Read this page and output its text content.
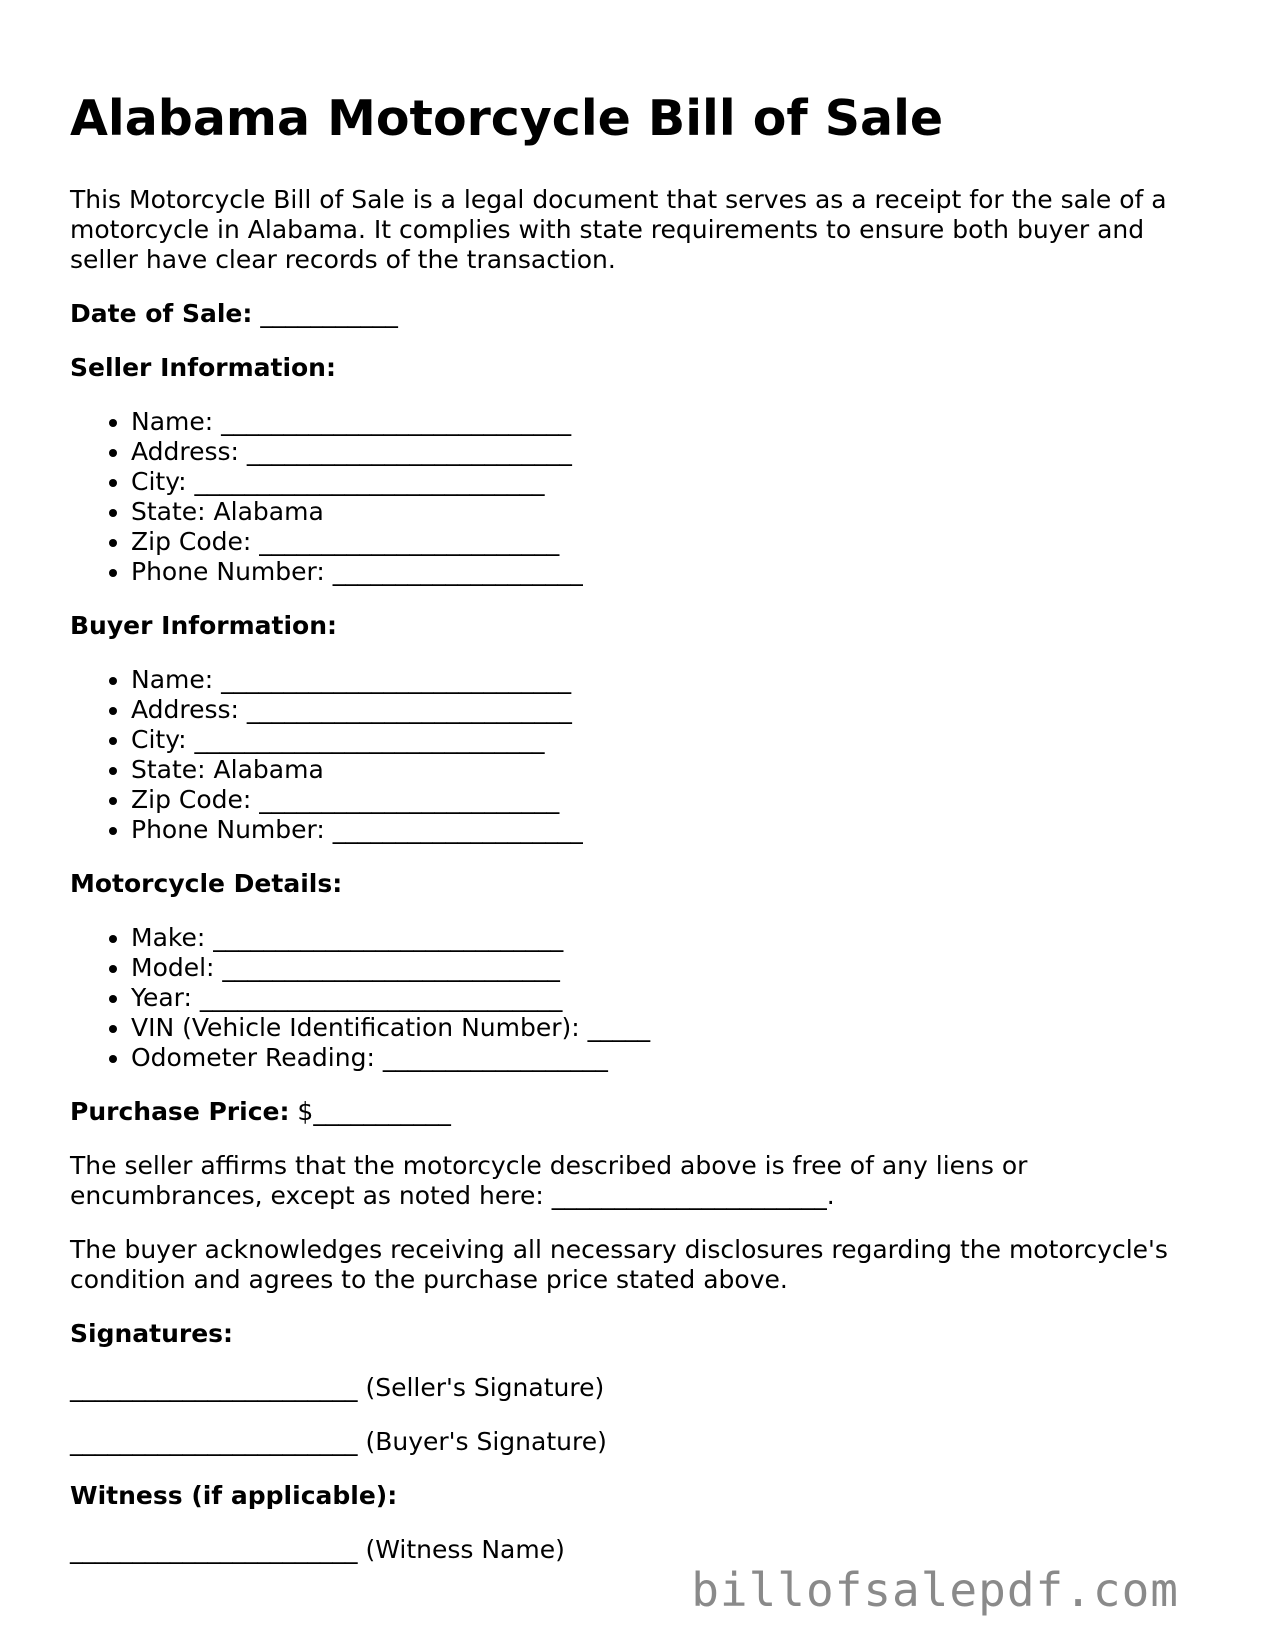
Alabama Motorcycle Bill of Sale

This Motorcycle Bill of Sale is a legal document that serves as a receipt for the sale of a motorcycle in Alabama. It complies with state requirements to ensure both buyer and seller have clear records of the transaction.

Date of Sale: ___________

Seller Information:

• Name: ____________________________
• Address: __________________________
• City: ____________________________
• State: Alabama
• Zip Code: ________________________
• Phone Number: ____________________

Buyer Information:

• Name: ____________________________
• Address: __________________________
• City: ____________________________
• State: Alabama
• Zip Code: ________________________
• Phone Number: ____________________

Motorcycle Details:

• Make: ____________________________
• Model: ___________________________
• Year: _____________________________
• VIN (Vehicle Identification Number): _____
• Odometer Reading: __________________

Purchase Price: $___________

The seller affirms that the motorcycle described above is free of any liens or encumbrances, except as noted here: ______________________.

The buyer acknowledges receiving all necessary disclosures regarding the motorcycle's condition and agrees to the purchase price stated above.

Signatures:

_______________________ (Seller's Signature)

_______________________ (Buyer's Signature)

Witness (if applicable):

_______________________ (Witness Name)

billofsalepdf.com
